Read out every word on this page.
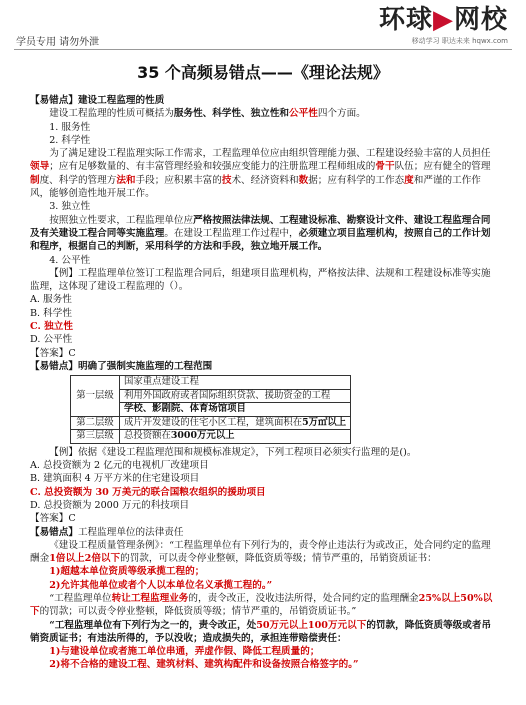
学员专用 请勿外泄
环球▶网校
移动学习 职达未来 hqwx.com
35 个高频易错点——《理论法规》

【易错点】建设工程监理的性质

建设工程监理的性质可概括为服务性、科学性、独立性和公平性四个方面。

1. 服务性

2. 科学性

为了满足建设工程监理实际工作需求，工程监理单位应由组织管理能力强、工程建设经验丰富的人员担任领导；应有足够数量的、有丰富管理经验和较强应变能力的注册监理工程师组成的骨干队伍；应有健全的管理制度、科学的管理方法和手段；应积累丰富的技术、经济资料和数据；应有科学的工作态度和严谨的工作作风，能够创造性地开展工作。

3. 独立性

按照独立性要求，工程监理单位应严格按照法律法规、工程建设标准、勘察设计文件、建设工程监理合同及有关建设工程合同等实施监理。在建设工程监理工作过程中，必须建立项目监理机构，按照自己的工作计划和程序，根据自己的判断，采用科学的方法和手段，独立地开展工作。

4. 公平性

【例】工程监理单位签订工程监理合同后，组建项目监理机构，严格按法律、法规和工程建设标准等实施监理，这体现了建设工程监理的（）。

A. 服务性

B. 科学性

C. 独立性

D. 公平性

【答案】C

【易错点】明确了强制实施监理的工程范围

第一层级	国家重点建设工程
	利用外国政府或者国际组织贷款、援助资金的工程
	学校、影剧院、体育场馆项目
第二层级	成片开发建设的住宅小区工程，建筑面积在5万㎡以上
第三层级	总投资额在3000万元以上

【例】依据《建设工程监理范围和规模标准规定》，下列工程项目必须实行监理的是()。

A. 总投资额为 2 亿元的电视机厂改建项目

B. 建筑面积 4 万平方米的住宅建设项目

C. 总投资额为 30 万美元的联合国粮农组织的援助项目

D. 总投资额为 2000 万元的科技项目

【答案】C

【易错点】工程监理单位的法律责任

《建设工程质量管理条例》：“工程监理单位有下列行为的，责令停止违法行为或改正，处合同约定的监理酬金1倍以上2倍以下的罚款，可以责令停业整顿，降低资质等级；情节严重的，吊销资质证书：

1)超越本单位资质等级承揽工程的；

2)允许其他单位或者个人以本单位名义承揽工程的。”

“工程监理单位转让工程监理业务的，责令改正，没收违法所得，处合同约定的监理酬金25%以上50%以下的罚款；可以责令停业整顿，降低资质等级；情节严重的，吊销资质证书。”

“工程监理单位有下列行为之一的，责令改正，处50万元以上100万元以下的罚款，降低资质等级或者吊销资质证书；有违法所得的，予以没收；造成损失的，承担连带赔偿责任：

1)与建设单位或者施工单位串通，弄虚作假、降低工程质量的；

2)将不合格的建设工程、建筑材料、建筑构配件和设备按照合格签字的。”
